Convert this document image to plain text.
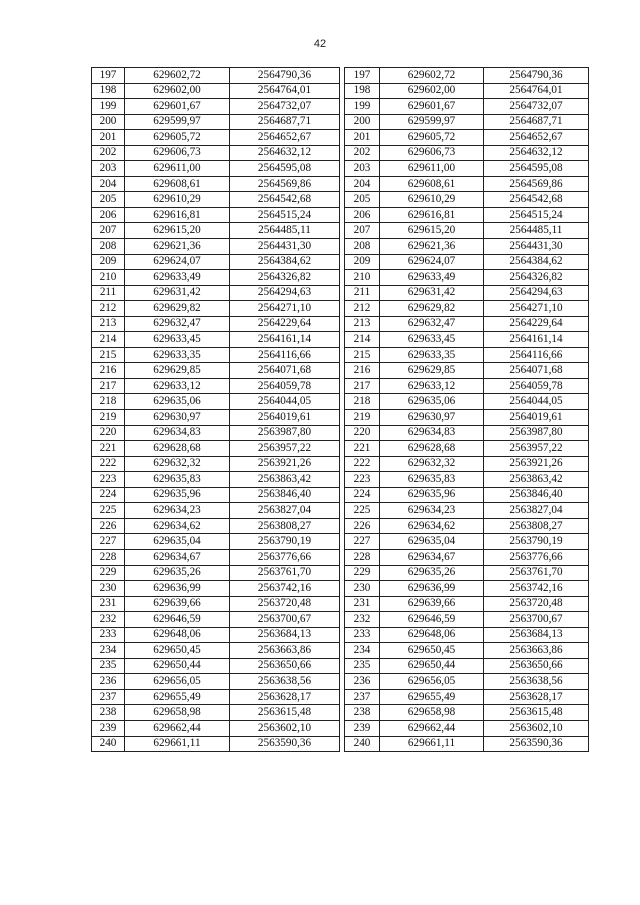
42
197	629602,72	2564790,36
198	629602,00	2564764,01
199	629601,67	2564732,07
200	629599,97	2564687,71
201	629605,72	2564652,67
202	629606,73	2564632,12
203	629611,00	2564595,08
204	629608,61	2564569,86
205	629610,29	2564542,68
206	629616,81	2564515,24
207	629615,20	2564485,11
208	629621,36	2564431,30
209	629624,07	2564384,62
210	629633,49	2564326,82
211	629631,42	2564294,63
212	629629,82	2564271,10
213	629632,47	2564229,64
214	629633,45	2564161,14
215	629633,35	2564116,66
216	629629,85	2564071,68
217	629633,12	2564059,78
218	629635,06	2564044,05
219	629630,97	2564019,61
220	629634,83	2563987,80
221	629628,68	2563957,22
222	629632,32	2563921,26
223	629635,83	2563863,42
224	629635,96	2563846,40
225	629634,23	2563827,04
226	629634,62	2563808,27
227	629635,04	2563790,19
228	629634,67	2563776,66
229	629635,26	2563761,70
230	629636,99	2563742,16
231	629639,66	2563720,48
232	629646,59	2563700,67
233	629648,06	2563684,13
234	629650,45	2563663,86
235	629650,44	2563650,66
236	629656,05	2563638,56
237	629655,49	2563628,17
238	629658,98	2563615,48
239	629662,44	2563602,10
240	629661,11	2563590,36
197	629602,72	2564790,36
198	629602,00	2564764,01
199	629601,67	2564732,07
200	629599,97	2564687,71
201	629605,72	2564652,67
202	629606,73	2564632,12
203	629611,00	2564595,08
204	629608,61	2564569,86
205	629610,29	2564542,68
206	629616,81	2564515,24
207	629615,20	2564485,11
208	629621,36	2564431,30
209	629624,07	2564384,62
210	629633,49	2564326,82
211	629631,42	2564294,63
212	629629,82	2564271,10
213	629632,47	2564229,64
214	629633,45	2564161,14
215	629633,35	2564116,66
216	629629,85	2564071,68
217	629633,12	2564059,78
218	629635,06	2564044,05
219	629630,97	2564019,61
220	629634,83	2563987,80
221	629628,68	2563957,22
222	629632,32	2563921,26
223	629635,83	2563863,42
224	629635,96	2563846,40
225	629634,23	2563827,04
226	629634,62	2563808,27
227	629635,04	2563790,19
228	629634,67	2563776,66
229	629635,26	2563761,70
230	629636,99	2563742,16
231	629639,66	2563720,48
232	629646,59	2563700,67
233	629648,06	2563684,13
234	629650,45	2563663,86
235	629650,44	2563650,66
236	629656,05	2563638,56
237	629655,49	2563628,17
238	629658,98	2563615,48
239	629662,44	2563602,10
240	629661,11	2563590,36
